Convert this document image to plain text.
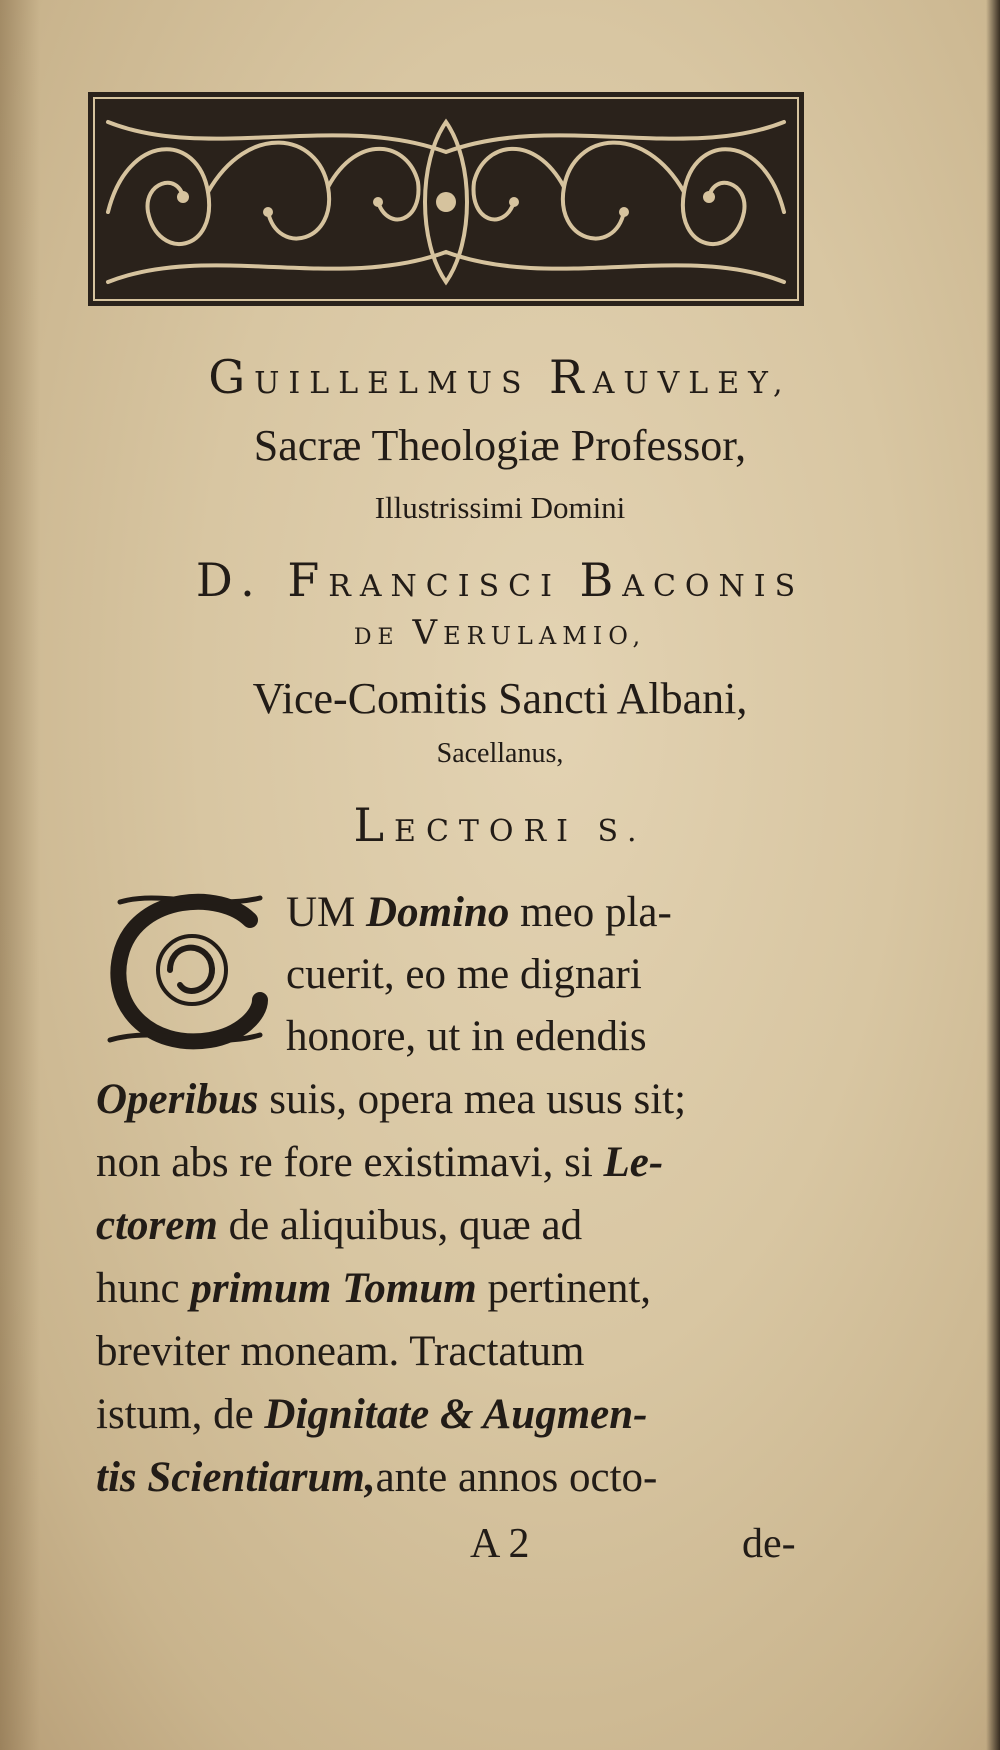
GUILLELMUS RAUVLEY,
Sacræ Theologiæ Professor,
Illustrissimi Domini
D. FRANCISCI BACONIS
DE VERULAMIO,
Vice-Comitis Sancti Albani,
Sacellanus,
LECTORI S.
C	UM Domino meo pla-
cuerit, eo me dignari
honore, ut in edendis
Operibus suis, opera mea usus sit;
non abs re fore existimavi, si Le-
ctorem de aliquibus, quæ ad
hunc primum Tomum pertinent,
breviter moneam. Tractatum
istum, de Dignitate & Augmen-
tis Scientiarum,ante annos octo-
A 2	de-
